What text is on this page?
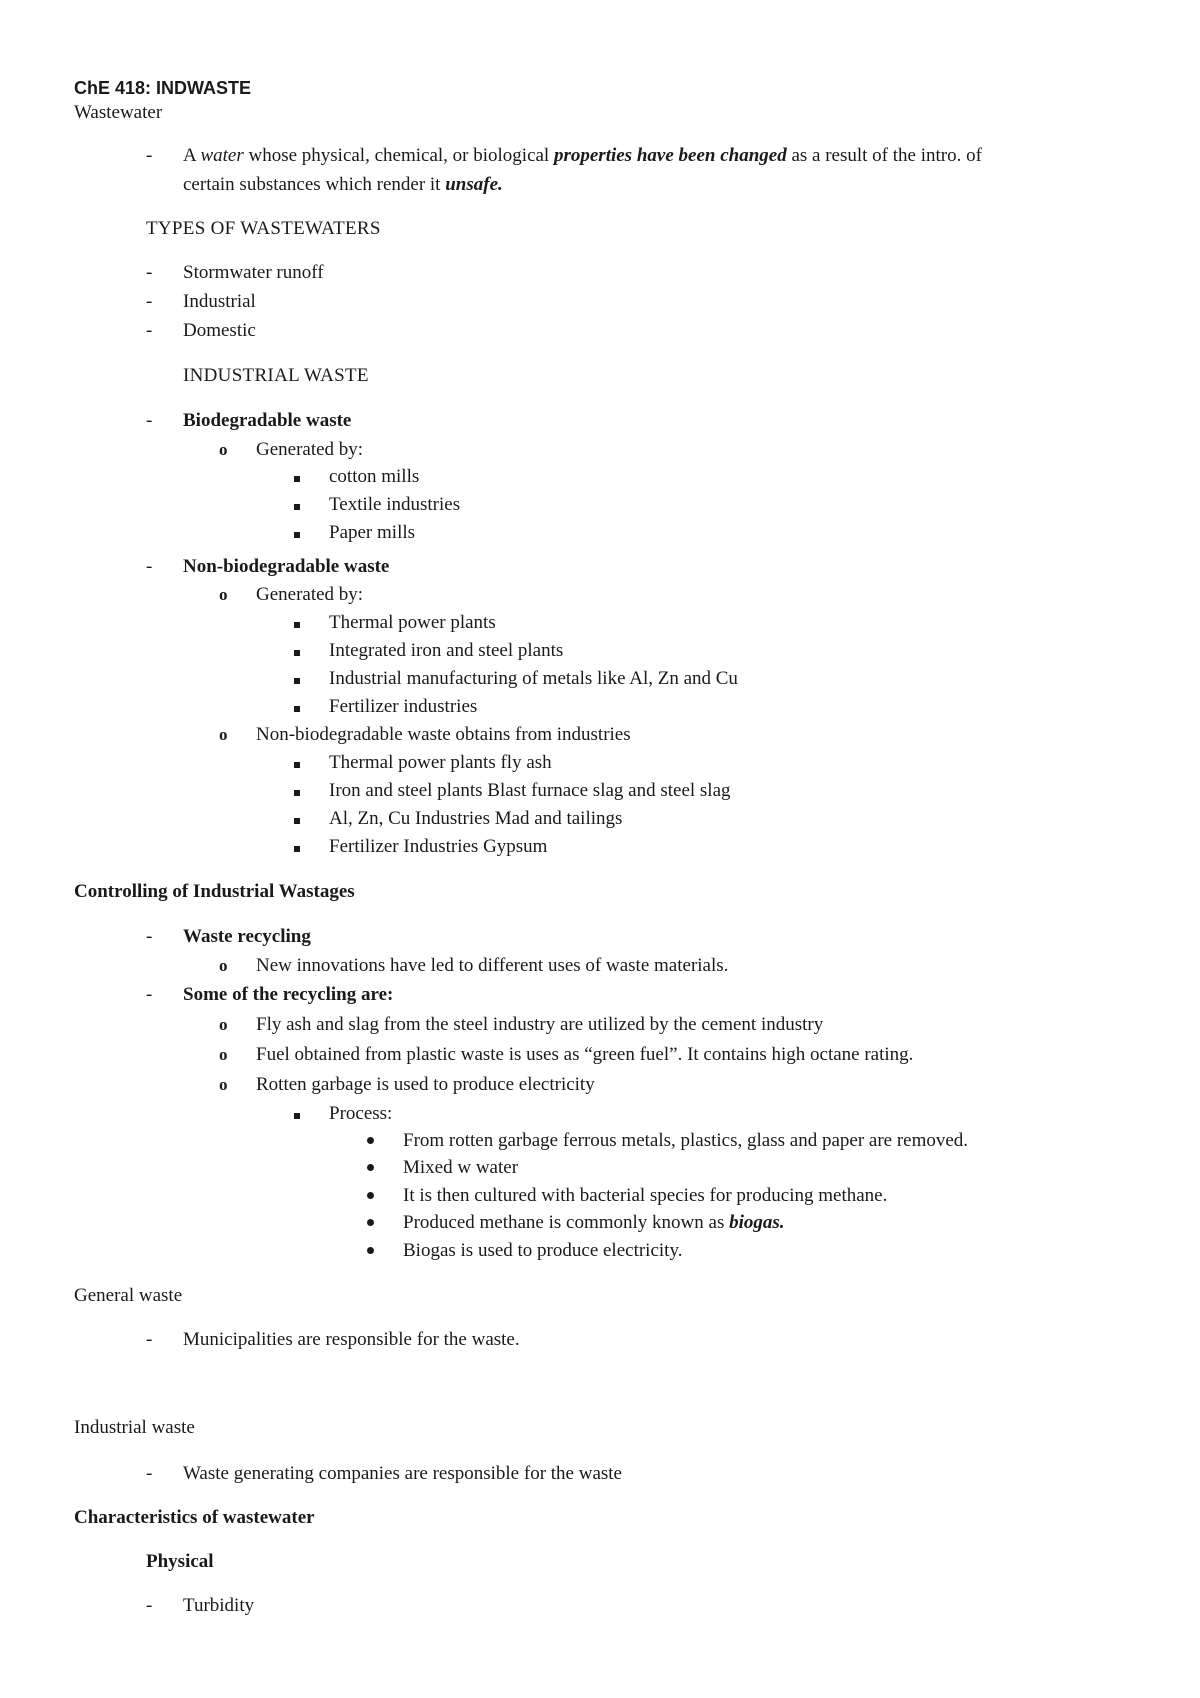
ChE 418: INDWASTE
Wastewater
- A water whose physical, chemical, or biological properties have been changed as a result of the intro. of
certain substances which render it unsafe.
TYPES OF WASTEWATERS
- Stormwater runoff
- Industrial
- Domestic
INDUSTRIAL WASTE
- Biodegradable waste
o Generated by:
cotton mills
Textile industries
Paper mills
- Non-biodegradable waste
o Generated by:
Thermal power plants
Integrated iron and steel plants
Industrial manufacturing of metals like Al, Zn and Cu
Fertilizer industries
o Non-biodegradable waste obtains from industries
Thermal power plants fly ash
Iron and steel plants Blast furnace slag and steel slag
Al, Zn, Cu Industries Mad and tailings
Fertilizer Industries Gypsum
Controlling of Industrial Wastages
- Waste recycling
o New innovations have led to different uses of waste materials.
- Some of the recycling are:
o Fly ash and slag from the steel industry are utilized by the cement industry
o Fuel obtained from plastic waste is uses as “green fuel”. It contains high octane rating.
o Rotten garbage is used to produce electricity
Process:
From rotten garbage ferrous metals, plastics, glass and paper are removed.
Mixed w water
It is then cultured with bacterial species for producing methane.
Produced methane is commonly known as biogas.
Biogas is used to produce electricity.
General waste
- Municipalities are responsible for the waste.
Industrial waste
- Waste generating companies are responsible for the waste
Characteristics of wastewater
Physical
- Turbidity
